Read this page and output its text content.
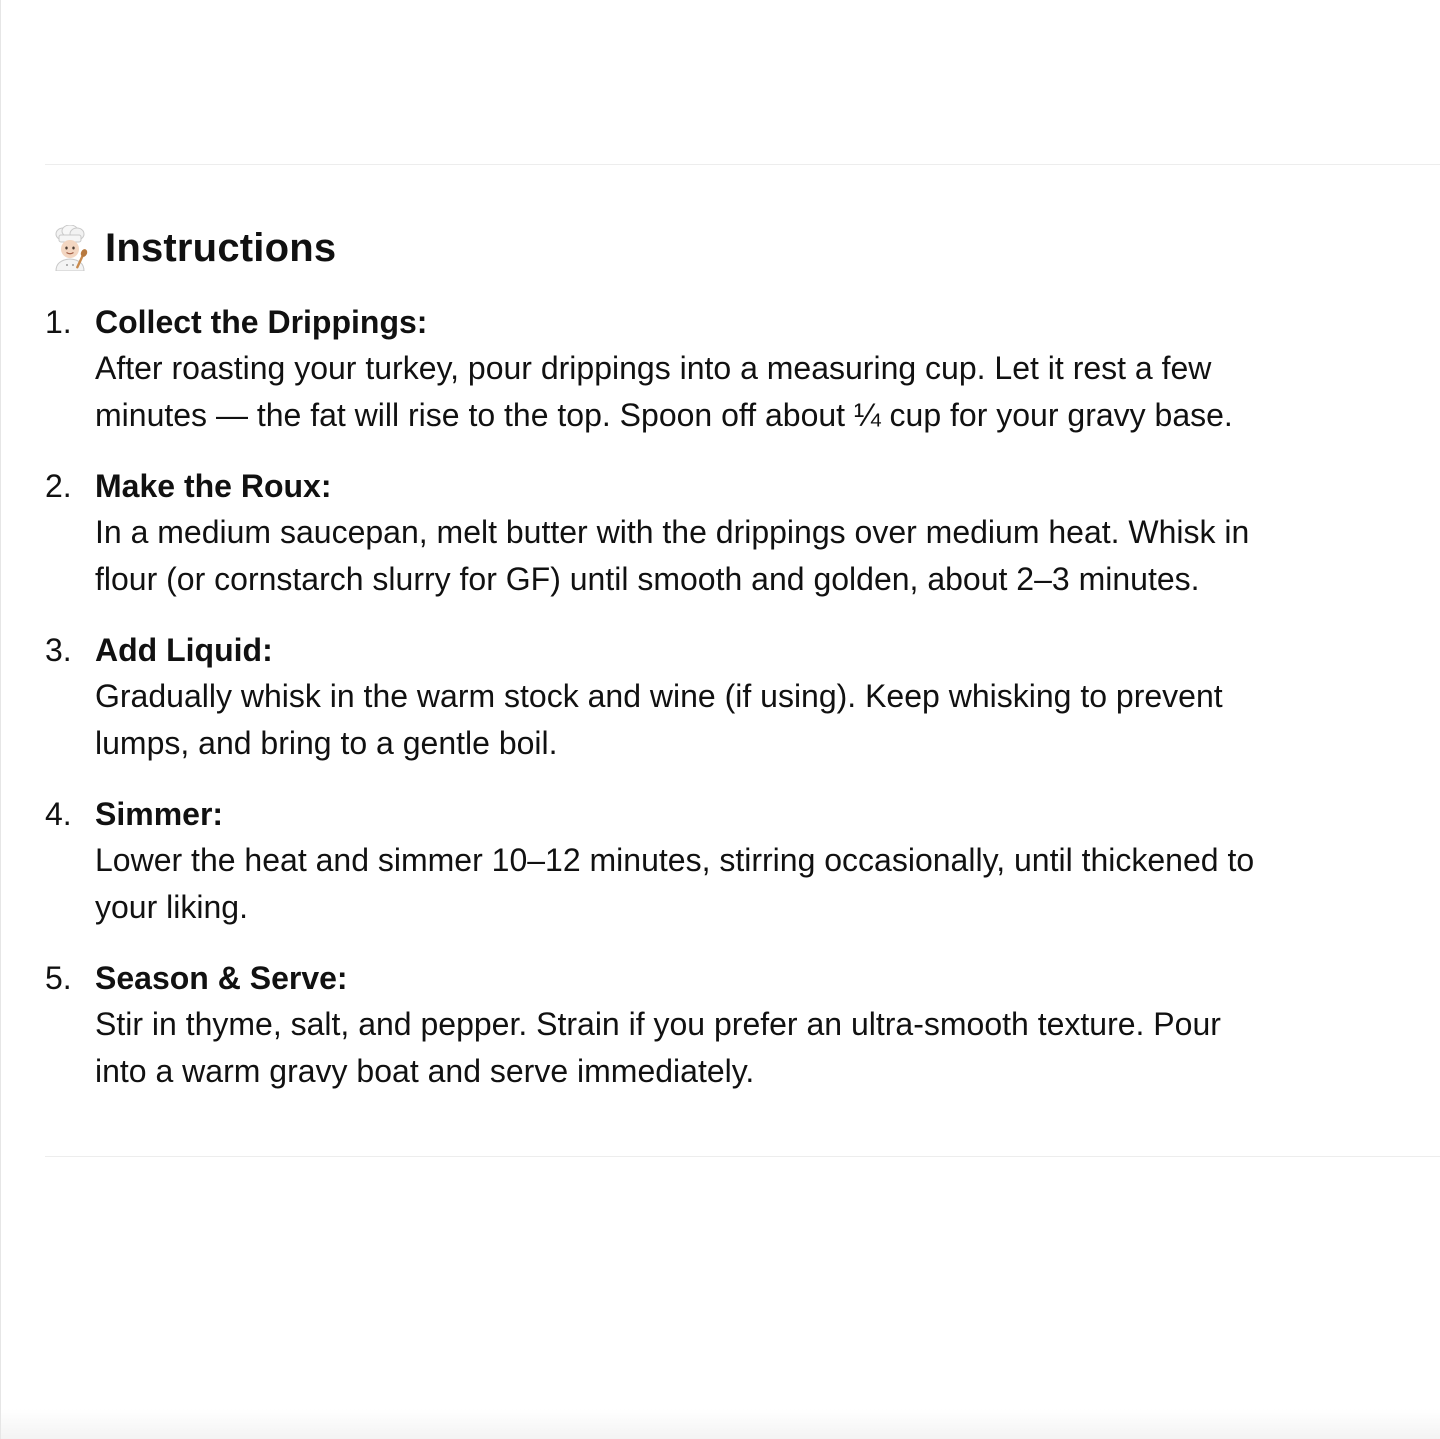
Instructions
1. Collect the Drippings:
After roasting your turkey, pour drippings into a measuring cup. Let it rest a few
minutes — the fat will rise to the top. Spoon off about ¼ cup for your gravy base.
2. Make the Roux:
In a medium saucepan, melt butter with the drippings over medium heat. Whisk in
flour (or cornstarch slurry for GF) until smooth and golden, about 2–3 minutes.
3. Add Liquid:
Gradually whisk in the warm stock and wine (if using). Keep whisking to prevent
lumps, and bring to a gentle boil.
4. Simmer:
Lower the heat and simmer 10–12 minutes, stirring occasionally, until thickened to
your liking.
5. Season & Serve:
Stir in thyme, salt, and pepper. Strain if you prefer an ultra-smooth texture. Pour
into a warm gravy boat and serve immediately.
